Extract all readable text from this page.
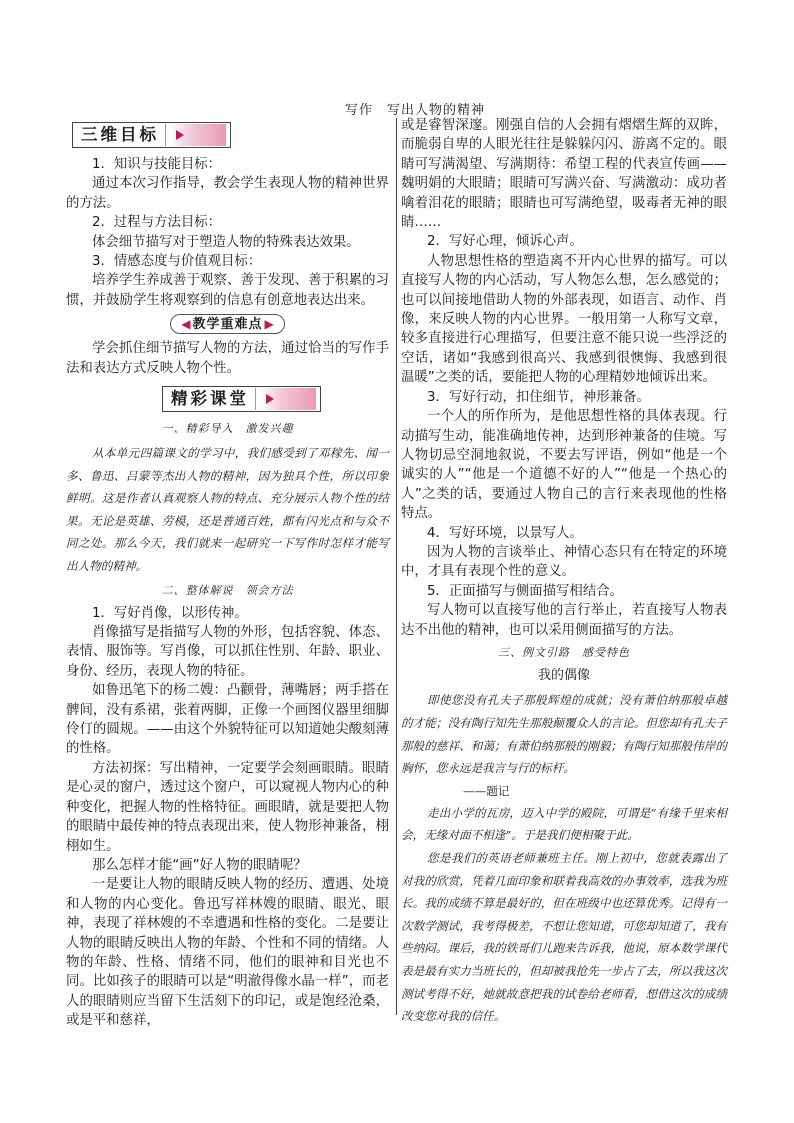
写作　写出人物的精神
三维目标
1．知识与技能目标：
通过本次习作指导，教会学生表现人物的精神世界的方法。
2．过程与方法目标：
体会细节描写对于塑造人物的特殊表达效果。
3．情感态度与价值观目标：
培养学生养成善于观察、善于发现、善于积累的习惯，并鼓励学生将观察到的信息有创意地表达出来。
◀ 教学重难点 ▶
学会抓住细节描写人物的方法，通过恰当的写作手法和表达方式反映人物个性。
精彩课堂
一、精彩导入　激发兴趣
从本单元四篇课文的学习中，我们感受到了邓稼先、闻一多、鲁迅、吕蒙等杰出人物的精神，因为独具个性，所以印象鲜明。这是作者认真观察人物的特点、充分展示人物个性的结果。无论是英雄、劳模，还是普通百姓，都有闪光点和与众不同之处。那么今天，我们就来一起研究一下写作时怎样才能写出人物的精神。
二、整体解说　领会方法
1．写好肖像，以形传神。
肖像描写是指描写人物的外形，包括容貌、体态、表情、服饰等。写肖像，可以抓住性别、年龄、职业、身份、经历，表现人物的特征。
如鲁迅笔下的杨二嫂：凸颧骨，薄嘴唇；两手搭在髀间，没有系裙，张着两脚，正像一个画图仪器里细脚伶仃的圆规。——由这个外貌特征可以知道她尖酸刻薄的性格。
方法初探：写出精神，一定要学会刻画眼睛。眼睛是心灵的窗户，透过这个窗户，可以窥视人物内心的种种变化，把握人物的性格特征。画眼睛，就是要把人物的眼睛中最传神的特点表现出来，使人物形神兼备，栩栩如生。
那么怎样才能“画”好人物的眼睛呢？
一是要让人物的眼睛反映人物的经历、遭遇、处境和人物的内心变化。鲁迅写祥林嫂的眼睛、眼光、眼神，表现了祥林嫂的不幸遭遇和性格的变化。二是要让人物的眼睛反映出人物的年龄、个性和不同的情绪。人物的年龄、性格、情绪不同，他们的眼神和目光也不同。比如孩子的眼睛可以是“明澈得像水晶一样”，而老人的眼睛则应当留下生活刻下的印记，或是饱经沧桑，或是平和慈祥，
或是睿智深邃。刚强自信的人会拥有熠熠生辉的双眸，而脆弱自卑的人眼光往往是躲躲闪闪、游离不定的。眼睛可写满渴望、写满期待：希望工程的代表宣传画——魏明娟的大眼睛；眼睛可写满兴奋、写满激动：成功者噙着泪花的眼睛；眼睛也可写满绝望，吸毒者无神的眼睛……
2．写好心理，倾诉心声。
人物思想性格的塑造离不开内心世界的描写。可以直接写人物的内心活动，写人物怎么想，怎么感觉的；也可以间接地借助人物的外部表现，如语言、动作、肖像，来反映人物的内心世界。一般用第一人称写文章，较多直接进行心理描写，但要注意不能只说一些浮泛的空话，诸如“我感到很高兴、我感到很懊悔、我感到很温暖”之类的话，要能把人物的心理精妙地倾诉出来。
3．写好行动，扣住细节，神形兼备。
一个人的所作所为，是他思想性格的具体表现。行动描写生动，能准确地传神，达到形神兼备的佳境。写人物切忌空洞地叙说，不要去写评语，例如“他是一个诚实的人”“他是一个道德不好的人”“他是一个热心的人”之类的话，要通过人物自己的言行来表现他的性格特点。
4．写好环境，以景写人。
因为人物的言谈举止、神情心态只有在特定的环境中，才具有表现个性的意义。
5．正面描写与侧面描写相结合。
写人物可以直接写他的言行举止，若直接写人物表达不出他的精神，也可以采用侧面描写的方法。
三、例文引路　感受特色
我的偶像
即使您没有孔夫子那般辉煌的成就；没有萧伯纳那般卓越的才能；没有陶行知先生那般颠覆众人的言论。但您却有孔夫子那般的慈祥、和蔼；有萧伯纳那般的刚毅；有陶行知那般伟岸的胸怀，您永远是我言与行的标杆。
——题记
走出小学的瓦房，迈入中学的殿院，可谓是“有缘千里来相会，无缘对面不相逢”。于是我们便相聚于此。
您是我们的英语老师兼班主任。刚上初中，您就表露出了对我的欣赏，凭着几面印象和联着我高效的办事效率，选我为班长。我的成绩不算是最好的，但在班级中也还算优秀。记得有一次数学测试，我考得极差，不想让您知道，可您却知道了，我有些纳闷。课后，我的铁哥们儿跑来告诉我，他说，原本数学课代表是最有实力当班长的，但却被我抢先一步占了去，所以我这次测试考得不好，她就故意把我的试卷给老师看，想借这次的成绩改变您对我的信任。
